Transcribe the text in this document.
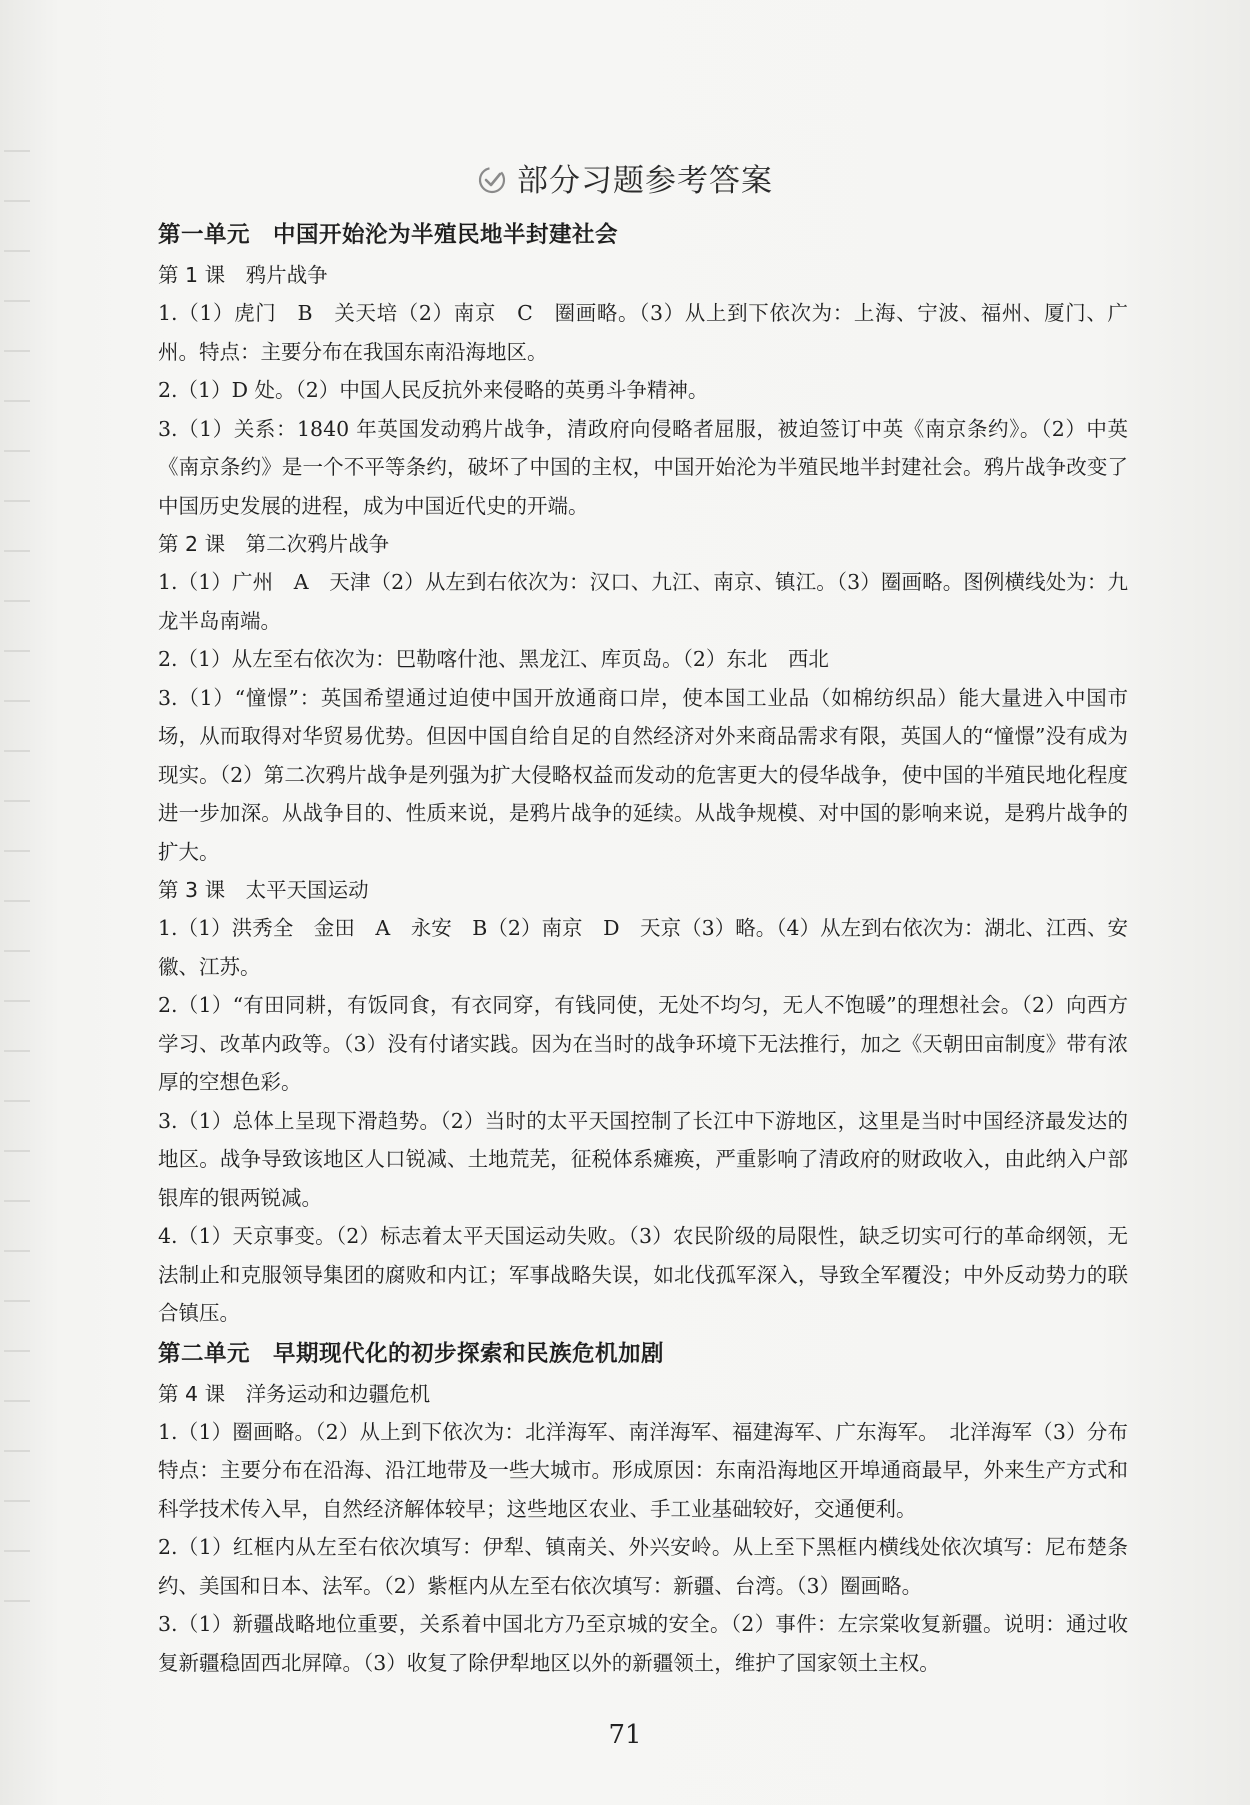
部分习题参考答案
第一单元　中国开始沦为半殖民地半封建社会
第 1 课　鸦片战争

1.（1）虎门　B　关天培（2）南京　C　圈画略。（3）从上到下依次为：上海、宁波、福州、厦门、广州。特点：主要分布在我国东南沿海地区。

2.（1）D 处。（2）中国人民反抗外来侵略的英勇斗争精神。

3.（1）关系：1840 年英国发动鸦片战争，清政府向侵略者屈服，被迫签订中英《南京条约》。（2）中英《南京条约》是一个不平等条约，破坏了中国的主权，中国开始沦为半殖民地半封建社会。鸦片战争改变了中国历史发展的进程，成为中国近代史的开端。

第 2 课　第二次鸦片战争

1.（1）广州　A　天津（2）从左到右依次为：汉口、九江、南京、镇江。（3）圈画略。图例横线处为：九龙半岛南端。

2.（1）从左至右依次为：巴勒喀什池、黑龙江、库页岛。（2）东北　西北

3.（1）“憧憬”：英国希望通过迫使中国开放通商口岸，使本国工业品（如棉纺织品）能大量进入中国市场，从而取得对华贸易优势。但因中国自给自足的自然经济对外来商品需求有限，英国人的“憧憬”没有成为现实。（2）第二次鸦片战争是列强为扩大侵略权益而发动的危害更大的侵华战争，使中国的半殖民地化程度进一步加深。从战争目的、性质来说，是鸦片战争的延续。从战争规模、对中国的影响来说，是鸦片战争的扩大。

第 3 课　太平天国运动

1.（1）洪秀全　金田　A　永安　B（2）南京　D　天京（3）略。（4）从左到右依次为：湖北、江西、安徽、江苏。

2.（1）“有田同耕，有饭同食，有衣同穿，有钱同使，无处不均匀，无人不饱暖”的理想社会。（2）向西方学习、改革内政等。（3）没有付诸实践。因为在当时的战争环境下无法推行，加之《天朝田亩制度》带有浓厚的空想色彩。

3.（1）总体上呈现下滑趋势。（2）当时的太平天国控制了长江中下游地区，这里是当时中国经济最发达的地区。战争导致该地区人口锐减、土地荒芜，征税体系瘫痪，严重影响了清政府的财政收入，由此纳入户部银库的银两锐减。

4.（1）天京事变。（2）标志着太平天国运动失败。（3）农民阶级的局限性，缺乏切实可行的革命纲领，无法制止和克服领导集团的腐败和内讧；军事战略失误，如北伐孤军深入，导致全军覆没；中外反动势力的联合镇压。

第二单元　早期现代化的初步探索和民族危机加剧
第 4 课　洋务运动和边疆危机

1.（1）圈画略。（2）从上到下依次为：北洋海军、南洋海军、福建海军、广东海军。　北洋海军（3）分布特点：主要分布在沿海、沿江地带及一些大城市。形成原因：东南沿海地区开埠通商最早，外来生产方式和科学技术传入早，自然经济解体较早；这些地区农业、手工业基础较好，交通便利。

2.（1）红框内从左至右依次填写：伊犁、镇南关、外兴安岭。从上至下黑框内横线处依次填写：尼布楚条约、美国和日本、法军。（2）紫框内从左至右依次填写：新疆、台湾。（3）圈画略。

3.（1）新疆战略地位重要，关系着中国北方乃至京城的安全。（2）事件：左宗棠收复新疆。说明：通过收复新疆稳固西北屏障。（3）收复了除伊犁地区以外的新疆领土，维护了国家领土主权。

71
